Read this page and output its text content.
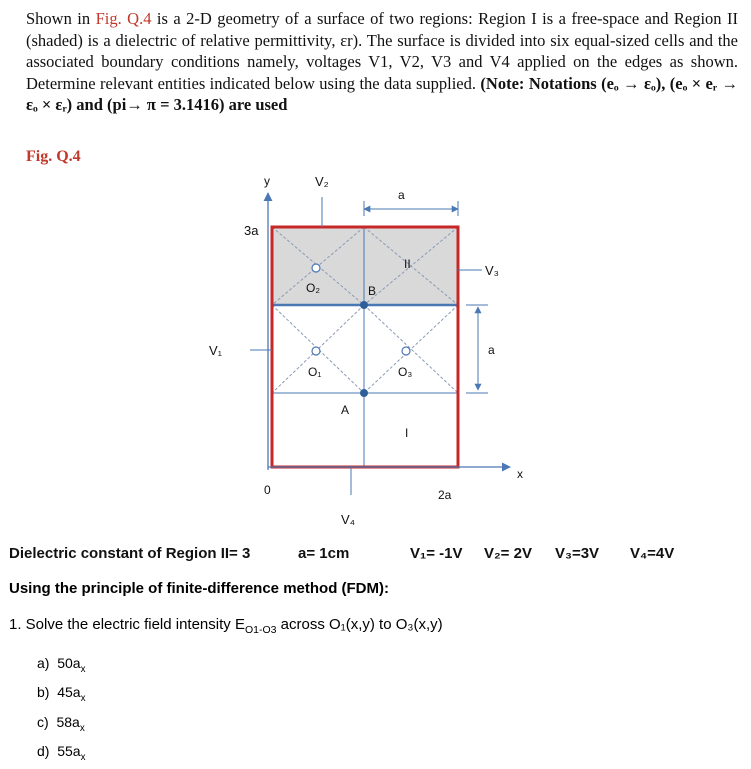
Shown in Fig. Q.4 is a 2-D geometry of a surface of two regions: Region I is a free-space and Region II (shaded) is a dielectric of relative permittivity, εr). The surface is divided into six equal-sized cells and the associated boundary conditions namely, voltages V1, V2, V3 and V4 applied on the edges as shown. Determine relevant entities indicated below using the data supplied. (Note: Notations (eₒ → εₒ), (eₒ × eᵣ → εₒ × εᵣ) and (pi→ π = 3.1416) are used

Fig. Q.4
y	V₂
a
3a
V₃
II
O₂	B
V₁	a
O₁	O₃
A
I
x
0	2a
V₄
Dielectric constant of Region II= 3	a= 1cm	V₁= -1V V₂= 2V V₃=3V V₄=4V
Using the principle of finite-difference method (FDM):
1. Solve the electric field intensity $E_{O1-O3}$ across O₁(x,y) to O₃(x,y)
a) $50a_x$
b) $45a_x$
c) $58a_x$
d) $55a_x$
